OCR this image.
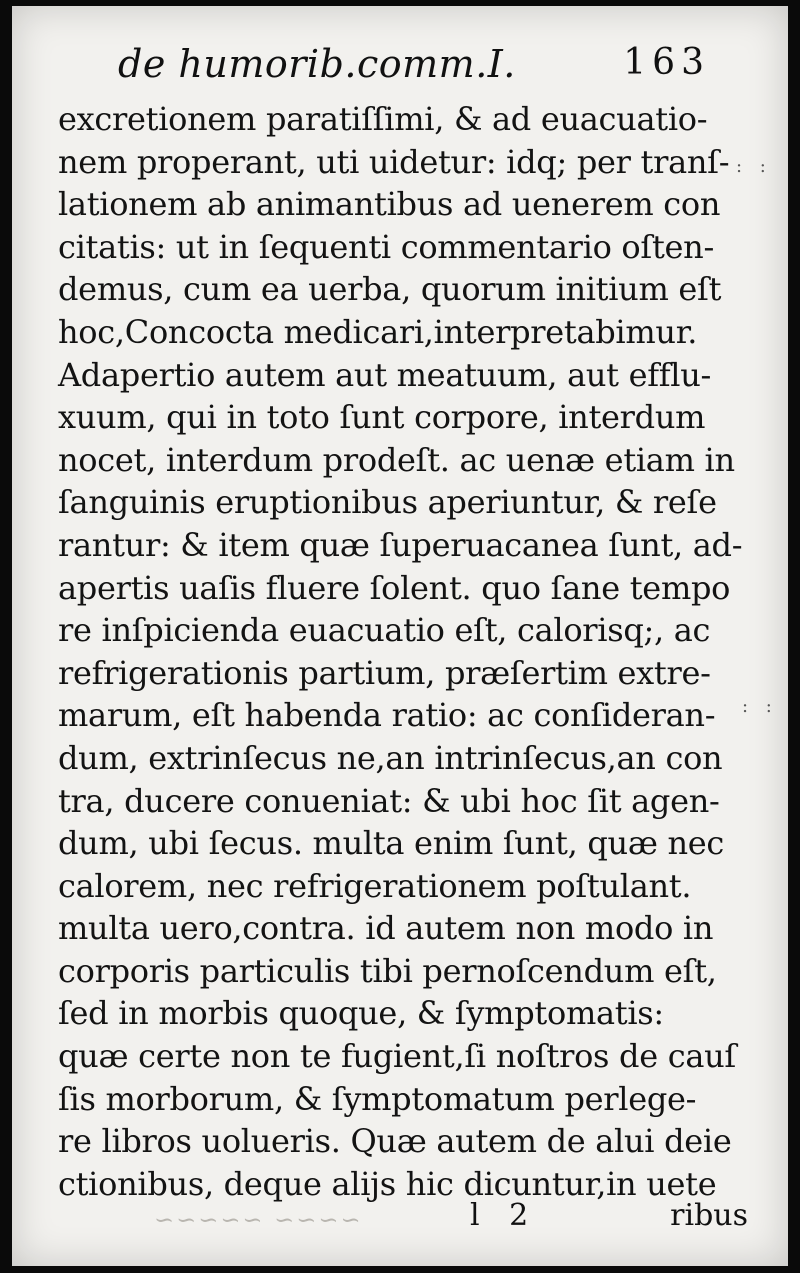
de humorib.comm.I.	163
excretionem paratiſſimi, & ad euacuatio-
nem properant, uti uidetur: idq; per tranſ-
lationem ab animantibus ad uenerem con
citatis: ut in ſequenti commentario oſten-
demus, cum ea uerba, quorum initium eſt
hoc,Concocta medicari,interpretabimur.
Adapertio autem aut meatuum, aut efflu-
xuum, qui in toto ſunt corpore, interdum
nocet, interdum prodeſt. ac uenæ etiam in
ſanguinis eruptionibus aperiuntur, & reſe
rantur: & item quæ ſuperuacanea ſunt, ad-
apertis uaſis fluere ſolent. quo ſane tempo
re inſpicienda euacuatio eſt, calorisq;, ac
refrigerationis partium, præſertim extre-
marum, eſt habenda ratio: ac conſideran-
dum, extrinſecus ne,an intrinſecus,an con
tra, ducere conueniat: & ubi hoc ſit agen-
dum, ubi ſecus. multa enim ſunt, quæ nec
calorem, nec refrigerationem poſtulant.
multa uero,contra. id autem non modo in
corporis particulis tibi pernoſcendum eſt,
ſed in morbis quoque, & ſymptomatis:
quæ certe non te fugient,ſi noſtros de cauſ
ſis morborum, & ſymptomatum perlege-
re libros uolueris. Quæ autem de alui deie
ctionibus, deque alijs hic dicuntur,in uete
: :
: :
~~~~ ~~~~~	l 2	ribus
